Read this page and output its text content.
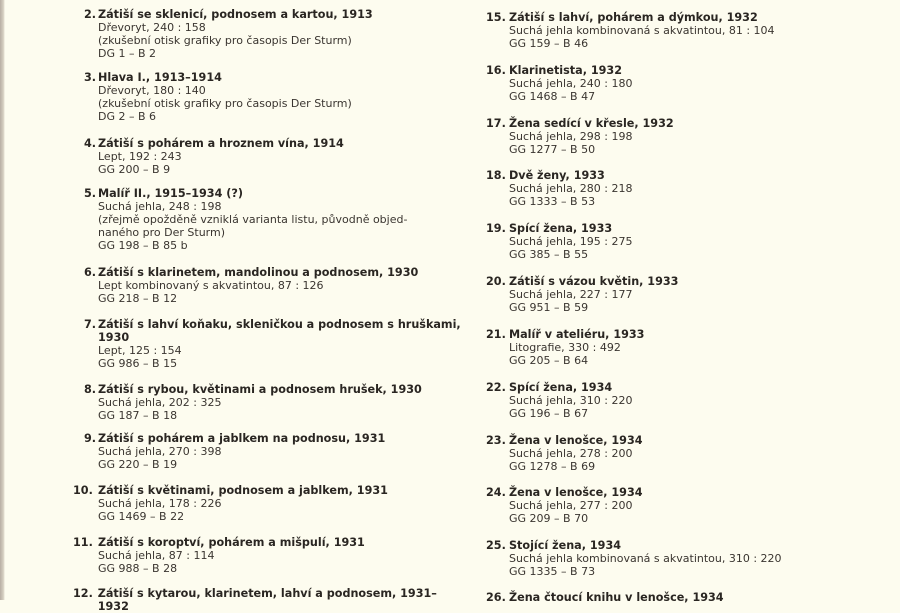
2. Zátiší se sklenicí, podnosem a kartou, 1913
Dřevoryt, 240 : 158
(zkušební otisk grafiky pro časopis Der Sturm)
DG 1 – B 2
3. Hlava I., 1913–1914
Dřevoryt, 180 : 140
(zkušební otisk grafiky pro časopis Der Sturm)
DG 2 – B 6
4. Zátiší s pohárem a hroznem vína, 1914
Lept, 192 : 243
GG 200 – B 9
5. Malíř II., 1915–1934 (?)
Suchá jehla, 248 : 198
(zřejmě opožděně vzniklá varianta listu, původně objed-
naného pro Der Sturm)
GG 198 – B 85 b
6. Zátiší s klarinetem, mandolinou a podnosem, 1930
Lept kombinovaný s akvatintou, 87 : 126
GG 218 – B 12
7. Zátiší s lahví koňaku, skleničkou a podnosem s hruškami,
1930
Lept, 125 : 154
GG 986 – B 15
8. Zátiší s rybou, květinami a podnosem hrušek, 1930
Suchá jehla, 202 : 325
GG 187 – B 18
9. Zátiší s pohárem a jablkem na podnosu, 1931
Suchá jehla, 270 : 398
GG 220 – B 19
10. Zátiší s květinami, podnosem a jablkem, 1931
Suchá jehla, 178 : 226
GG 1469 – B 22
11. Zátiší s koroptví, pohárem a mišpulí, 1931
Suchá jehla, 87 : 114
GG 988 – B 28
12. Zátiší s kytarou, klarinetem, lahví a podnosem, 1931–1932
15. Zátiší s lahví, pohárem a dýmkou, 1932
Suchá jehla kombinovaná s akvatintou, 81 : 104
GG 159 – B 46
16. Klarinetista, 1932
Suchá jehla, 240 : 180
GG 1468 – B 47
17. Žena sedící v křesle, 1932
Suchá jehla, 298 : 198
GG 1277 – B 50
18. Dvě ženy, 1933
Suchá jehla, 280 : 218
GG 1333 – B 53
19. Spící žena, 1933
Suchá jehla, 195 : 275
GG 385 – B 55
20. Zátiší s vázou květin, 1933
Suchá jehla, 227 : 177
GG 951 – B 59
21. Malíř v ateliéru, 1933
Litografie, 330 : 492
GG 205 – B 64
22. Spící žena, 1934
Suchá jehla, 310 : 220
GG 196 – B 67
23. Žena v lenošce, 1934
Suchá jehla, 278 : 200
GG 1278 – B 69
24. Žena v lenošce, 1934
Suchá jehla, 277 : 200
GG 209 – B 70
25. Stojící žena, 1934
Suchá jehla kombinovaná s akvatintou, 310 : 220
GG 1335 – B 73
26. Žena čtoucí knihu v lenošce, 1934
